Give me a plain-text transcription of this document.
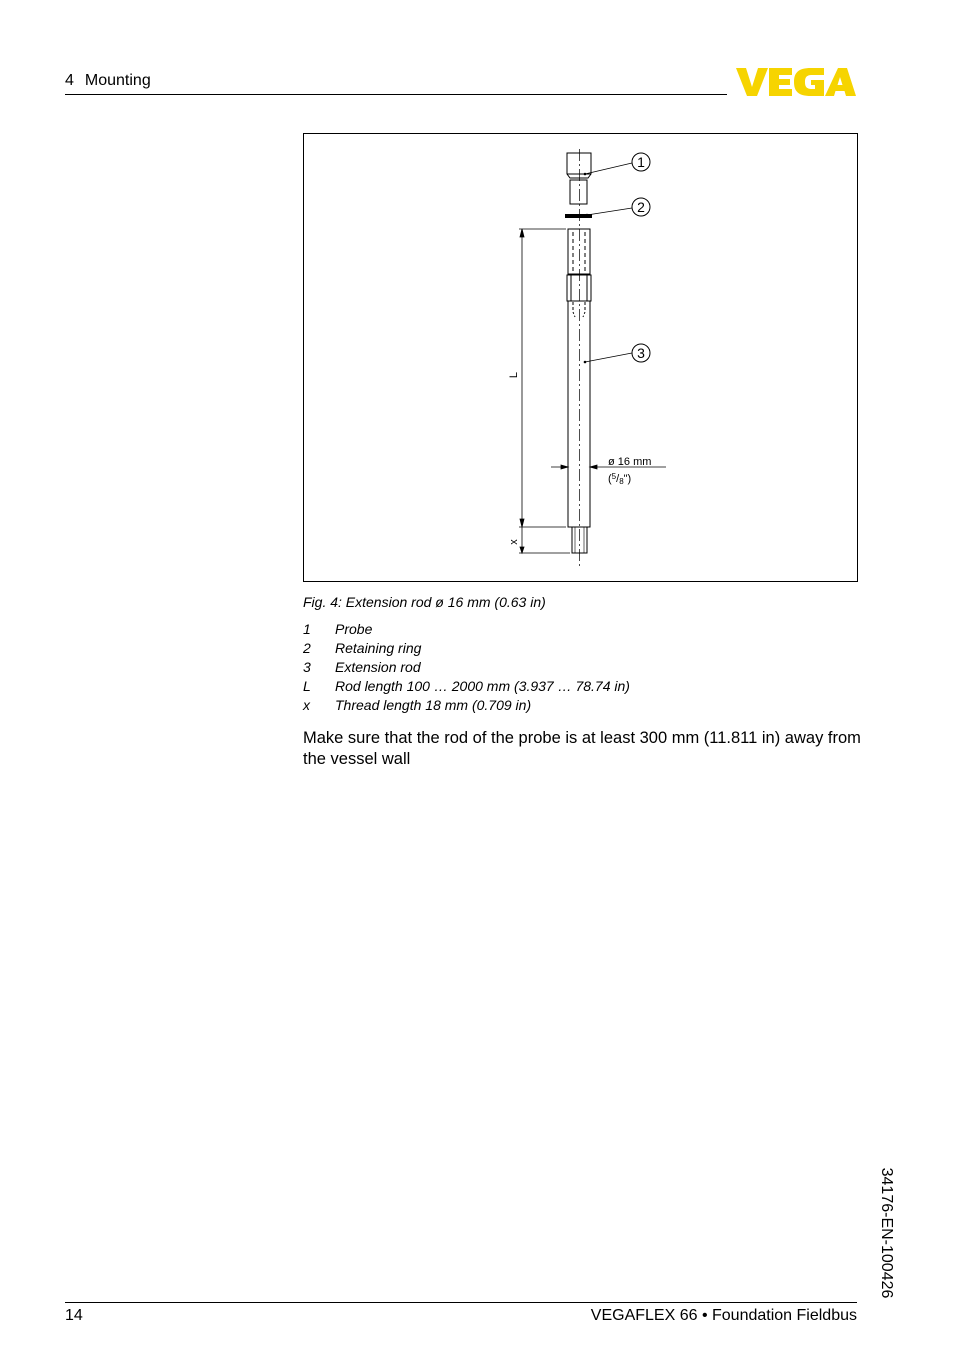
4 Mounting
L
x
ø 16 mm
($^5$/8")
1
2
3
Fig. 4: Extension rod ø 16 mm (0.63 in)
1 Probe
2 Retaining ring
3 Extension rod
L Rod length 100 … 2000 mm (3.937 … 78.74 in)
x Thread length 18 mm (0.709 in)
Make sure that the rod of the probe is at least 300 mm (11.811 in) away from the vessel wall
34176-EN-100426
14	VEGAFLEX 66 • Foundation Fieldbus
